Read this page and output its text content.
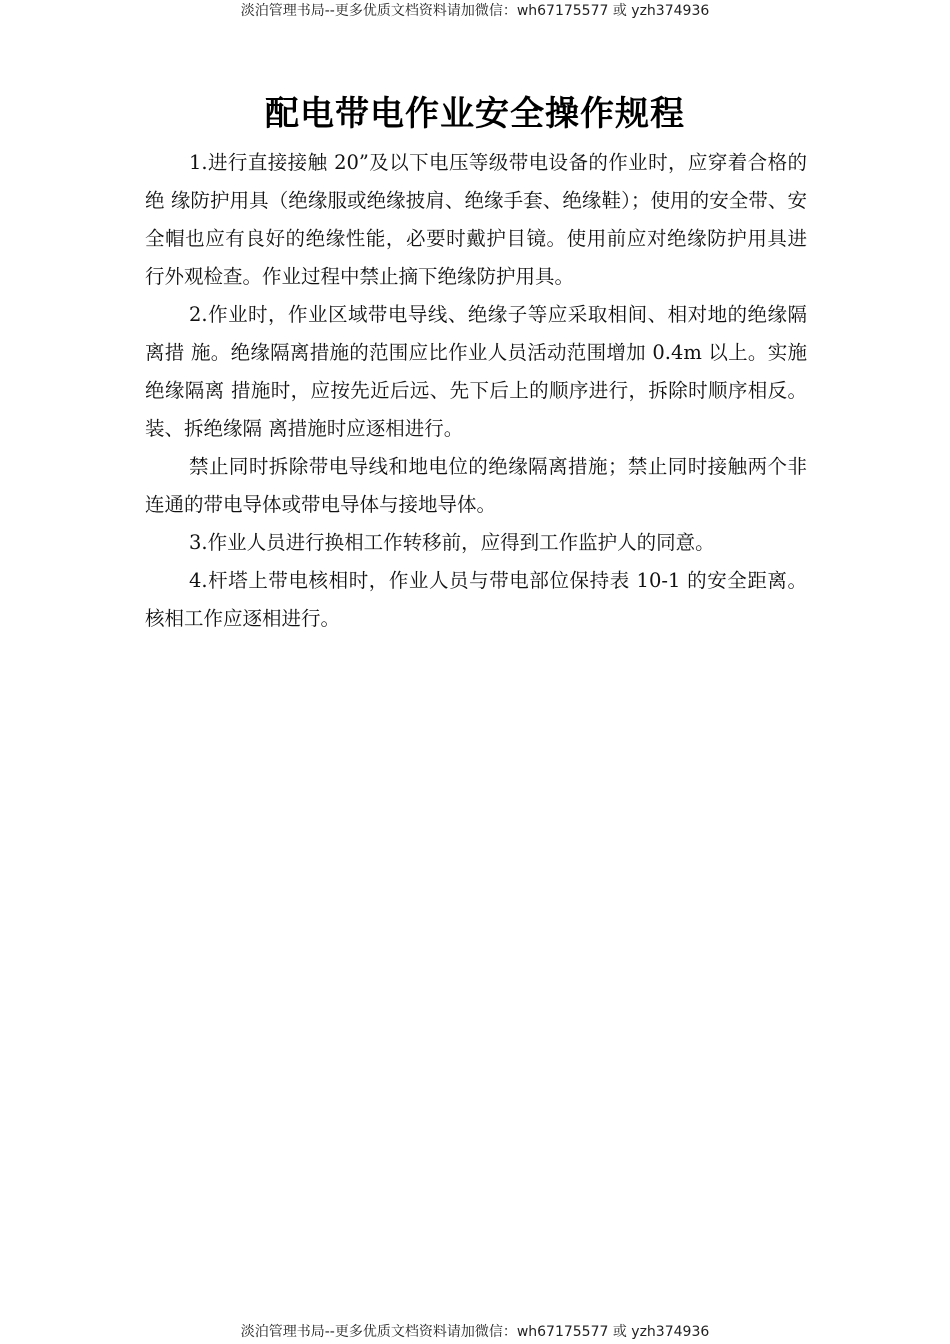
淡泊管理书局--更多优质文档资料请加微信：wh67175577 或 yzh374936
配电带电作业安全操作规程

1.进行直接接触 20”及以下电压等级带电设备的作业时，应穿着合格的绝 缘防护用具（绝缘服或绝缘披肩、绝缘手套、绝缘鞋）；使用的安全带、安全帽也应有良好的绝缘性能，必要时戴护目镜。使用前应对绝缘防护用具进行外观检查。作业过程中禁止摘下绝缘防护用具。

2.作业时，作业区域带电导线、绝缘子等应采取相间、相对地的绝缘隔离措 施。绝缘隔离措施的范围应比作业人员活动范围增加 0.4m 以上。实施绝缘隔离 措施时，应按先近后远、先下后上的顺序进行，拆除时顺序相反。装、拆绝缘隔 离措施时应逐相进行。

禁止同时拆除带电导线和地电位的绝缘隔离措施；禁止同时接触两个非连通的带电导体或带电导体与接地导体。

3.作业人员进行换相工作转移前，应得到工作监护人的同意。

4.杆塔上带电核相时，作业人员与带电部位保持表 10-1 的安全距离。核相工作应逐相进行。

淡泊管理书局--更多优质文档资料请加微信：wh67175577 或 yzh374936
